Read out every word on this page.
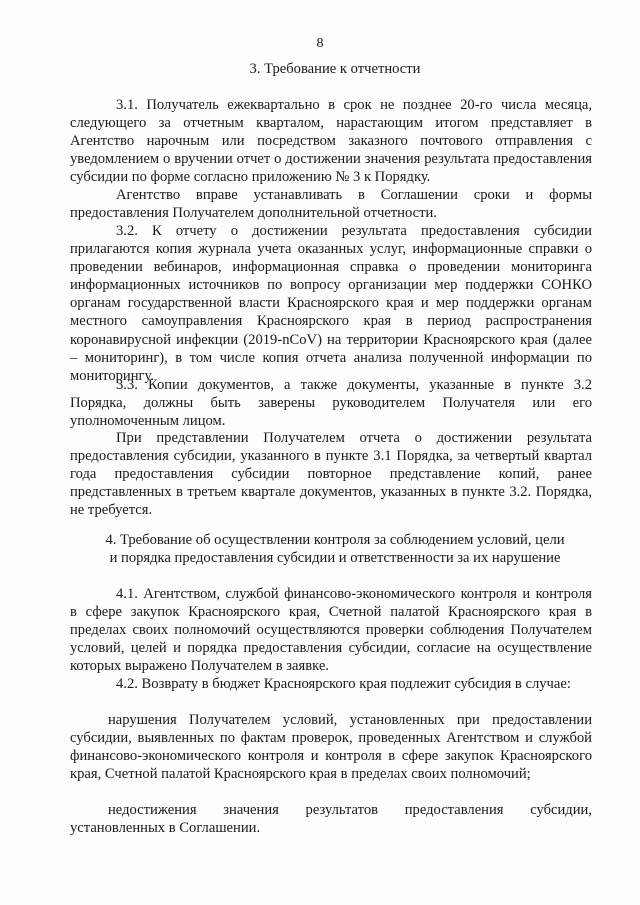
8
3. Требование к отчетности
3.1. Получатель ежеквартально в срок не позднее 20-го числа месяца, следующего за отчетным кварталом, нарастающим итогом представляет в Агентство нарочным или посредством заказного почтового отправления с уведомлением о вручении отчет о достижении значения результата предоставления субсидии по форме согласно приложению № 3 к Порядку.
Агентство вправе устанавливать в Соглашении сроки и формы предоставления Получателем дополнительной отчетности.
3.2. К отчету о достижении результата предоставления субсидии прилагаются копия журнала учета оказанных услуг, информационные справки о проведении вебинаров, информационная справка о проведении мониторинга информационных источников по вопросу организации мер поддержки СОНКО органам государственной власти Красноярского края и мер поддержки органам местного самоуправления Красноярского края в период распространения коронавирусной инфекции (2019-nCoV) на территории Красноярского края (далее – мониторинг), в том числе копия отчета анализа полученной информации по мониторингу.
3.3. Копии документов, а также документы, указанные в пункте 3.2 Порядка, должны быть заверены руководителем Получателя или его уполномоченным лицом.
При представлении Получателем отчета о достижении результата предоставления субсидии, указанного в пункте 3.1 Порядка, за четвертый квартал года предоставления субсидии повторное представление копий, ранее представленных в третьем квартале документов, указанных в пункте 3.2. Порядка, не требуется.
4. Требование об осуществлении контроля за соблюдением условий, цели
и порядка предоставления субсидии и ответственности за их нарушение
4.1. Агентством, службой финансово-экономического контроля и контроля в сфере закупок Красноярского края, Счетной палатой Красноярского края в пределах своих полномочий осуществляются проверки соблюдения Получателем условий, целей и порядка предоставления субсидии, согласие на осуществление которых выражено Получателем в заявке.
4.2. Возврату в бюджет Красноярского края подлежит субсидия в случае:
нарушения Получателем условий, установленных при предоставлении субсидии, выявленных по фактам проверок, проведенных Агентством и службой финансово-экономического контроля и контроля в сфере закупок Красноярского края, Счетной палатой Красноярского края в пределах своих полномочий;
недостижения значения результатов предоставления субсидии, установленных в Соглашении.
